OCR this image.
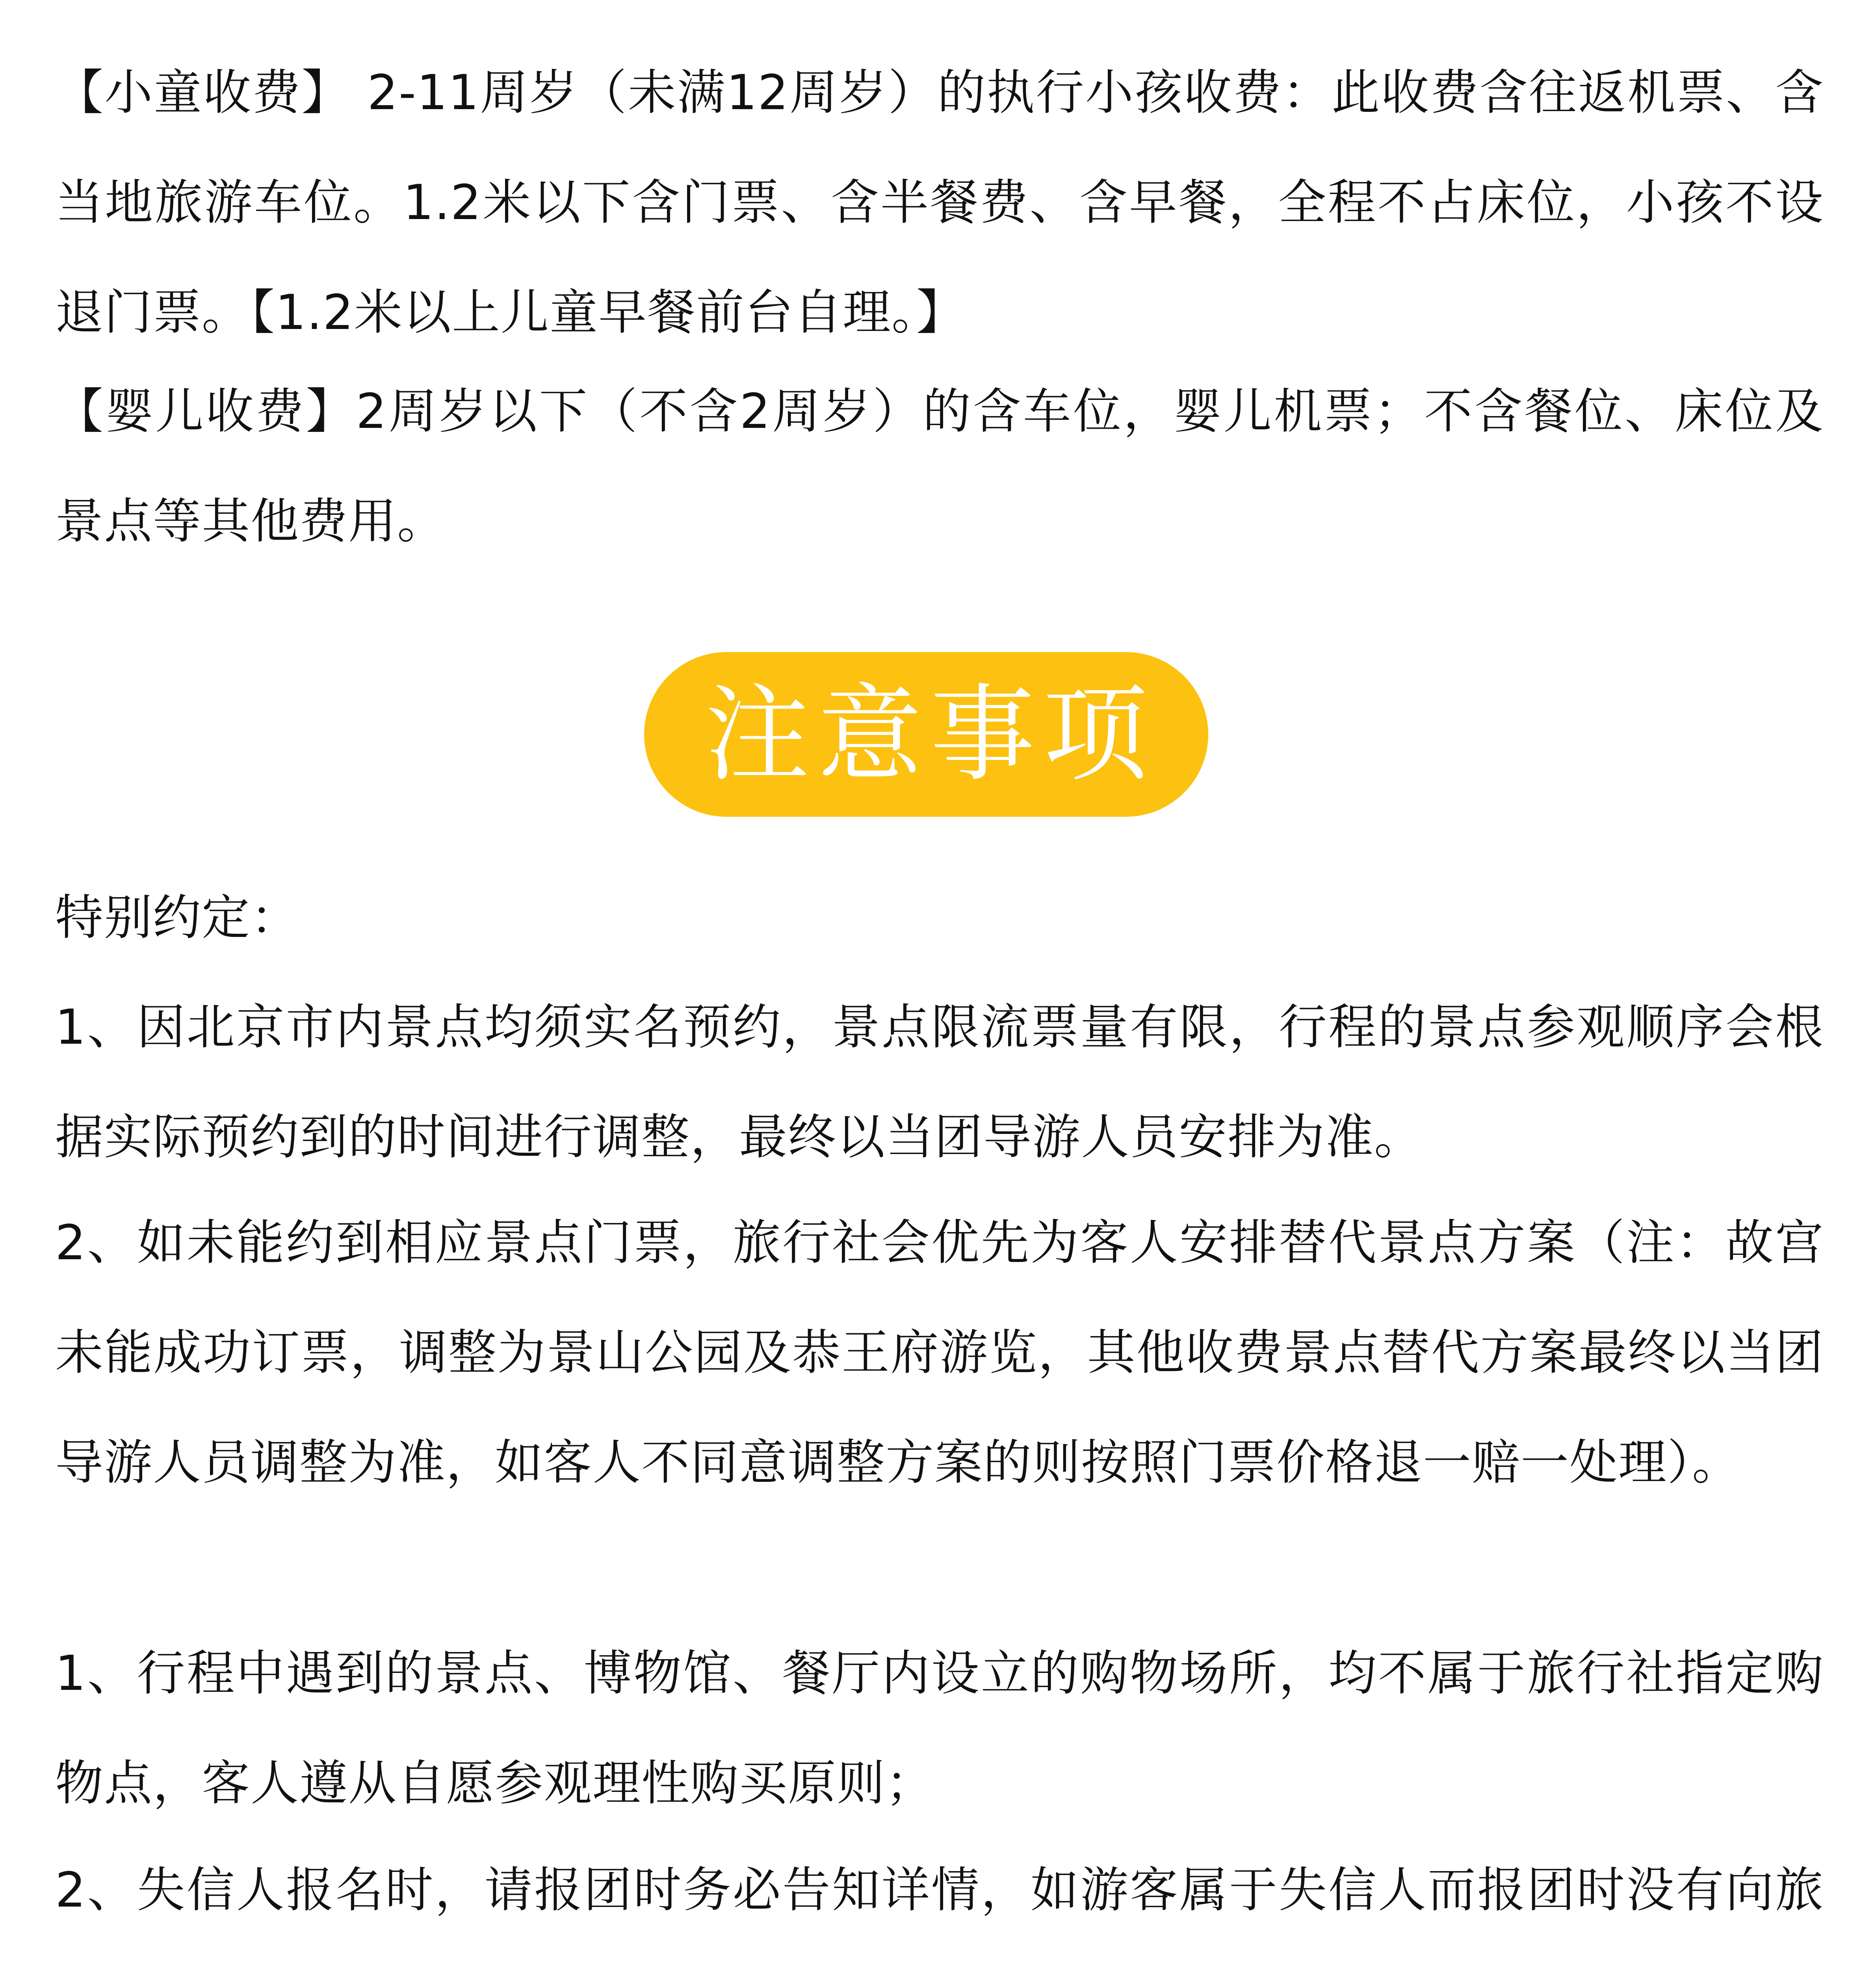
【小童收费】 2-11周岁（未满12周岁）的执行小孩收费：此收费含往返机票、含当地旅游车位。1.2米以下含门票、含半餐费、含早餐，全程不占床位，小孩不设退门票。【1.2米以上儿童早餐前台自理。】

【婴儿收费】2周岁以下（不含2周岁）的含车位，婴儿机票；不含餐位、床位及景点等其他费用。

注意事项

特别约定：

1、因北京市内景点均须实名预约，景点限流票量有限，行程的景点参观顺序会根据实际预约到的时间进行调整，最终以当团导游人员安排为准。

2、如未能约到相应景点门票，旅行社会优先为客人安排替代景点方案（注：故宫未能成功订票，调整为景山公园及恭王府游览，其他收费景点替代方案最终以当团导游人员调整为准，如客人不同意调整方案的则按照门票价格退一赔一处理）。

1、行程中遇到的景点、博物馆、餐厅内设立的购物场所，均不属于旅行社指定购物点，客人遵从自愿参观理性购买原则；

2、失信人报名时，请报团时务必告知详情，如游客属于失信人而报团时没有向旅
